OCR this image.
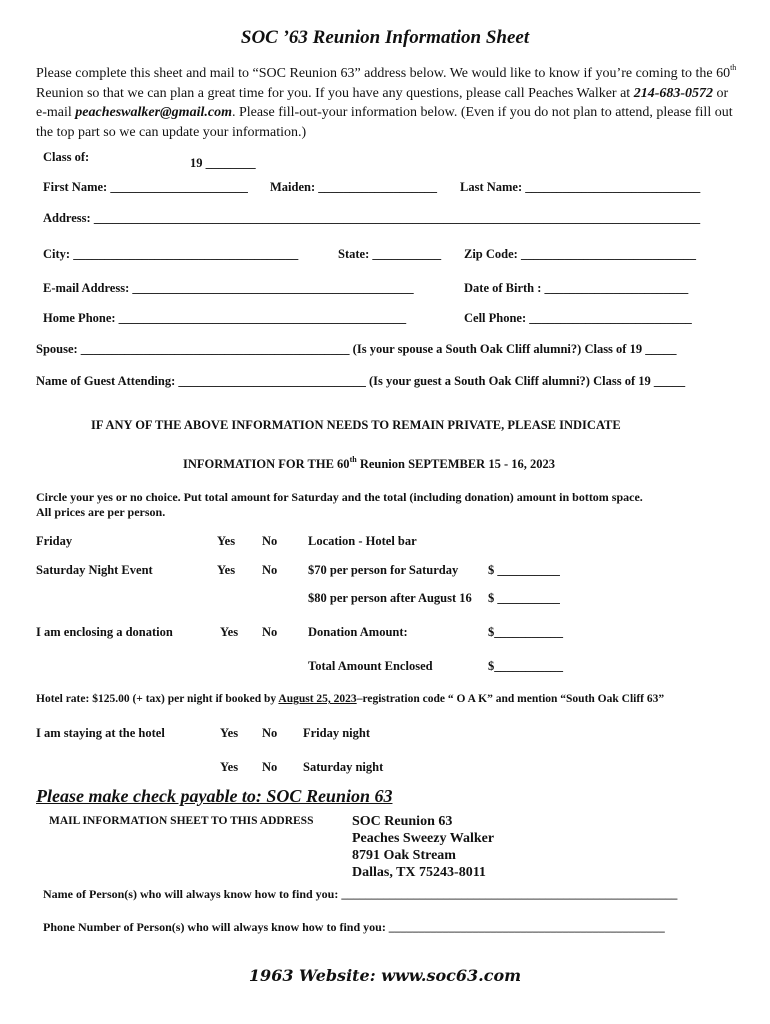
SOC ’63 Reunion Information Sheet
Please complete this sheet and mail to “SOC Reunion 63” address below. We would like to know if you’re coming to the 60th Reunion so that we can plan a great time for you. If you have any questions, please call Peaches Walker at 214-683-0572 or e-mail peacheswalker@gmail.com. Please fill-out-your information below. (Even if you do not plan to attend, please fill out the top part so we can update your information.)
Class of:	19 ________
First Name: ______________________ Maiden: ___________________ Last Name: ____________________________
Address: _________________________________________________________________________________________________
City: ____________________________________	State: ___________ Zip Code: ____________________________
E-mail Address: _____________________________________________	Date of Birth : _______________________
Home Phone: ______________________________________________	Cell Phone: __________________________
Spouse: ___________________________________________ (Is your spouse a South Oak Cliff alumni?) Class of 19 _____
Name of Guest Attending: ______________________________ (Is your guest a South Oak Cliff alumni?) Class of 19 _____
IF ANY OF THE ABOVE INFORMATION NEEDS TO REMAIN PRIVATE, PLEASE INDICATE
INFORMATION FOR THE 60th Reunion SEPTEMBER 15 - 16, 2023
Circle your yes or no choice. Put total amount for Saturday and the total (including donation) amount in bottom space.
All prices are per person.
Friday	Yes No Location - Hotel bar
Saturday Night Event	Yes No $70 per person for Saturday $ __________
$80 per person after August 16 $ __________
I am enclosing a donation	Yes No Donation Amount:	$___________
Total Amount Enclosed	$___________
Hotel rate: $125.00 (+ tax) per night if booked by August 25, 2023–registration code “ O A K” and mention “South Oak Cliff 63”
I am staying at the hotel	Yes No Friday night
Yes No Saturday night
Please make check payable to: SOC Reunion 63
MAIL INFORMATION SHEET TO THIS ADDRESS	SOC Reunion 63
Peaches Sweezy Walker
8791 Oak Stream
Dallas, TX 75243-8011
Name of Person(s) who will always know how to find you: ________________________________________________________
Phone Number of Person(s) who will always know how to find you: ______________________________________________
1963 Website: www.soc63.com
